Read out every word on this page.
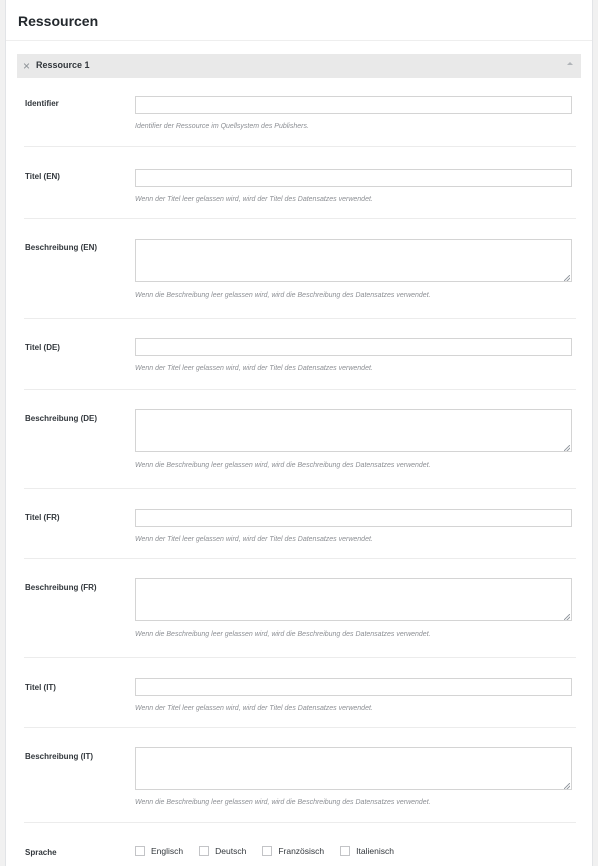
Ressourcen
× Ressource 1
Identifier
Identifier der Ressource im Quellsystem des Publishers.
Titel (EN)
Wenn der Titel leer gelassen wird, wird der Titel des Datensatzes verwendet.
Beschreibung (EN)
Wenn die Beschreibung leer gelassen wird, wird die Beschreibung des Datensatzes verwendet.
Titel (DE)
Wenn der Titel leer gelassen wird, wird der Titel des Datensatzes verwendet.
Beschreibung (DE)
Wenn die Beschreibung leer gelassen wird, wird die Beschreibung des Datensatzes verwendet.
Titel (FR)
Wenn der Titel leer gelassen wird, wird der Titel des Datensatzes verwendet.
Beschreibung (FR)
Wenn die Beschreibung leer gelassen wird, wird die Beschreibung des Datensatzes verwendet.
Titel (IT)
Wenn der Titel leer gelassen wird, wird der Titel des Datensatzes verwendet.
Beschreibung (IT)
Wenn die Beschreibung leer gelassen wird, wird die Beschreibung des Datensatzes verwendet.
Sprache	Englisch	Deutsch	Französisch	Italienisch
